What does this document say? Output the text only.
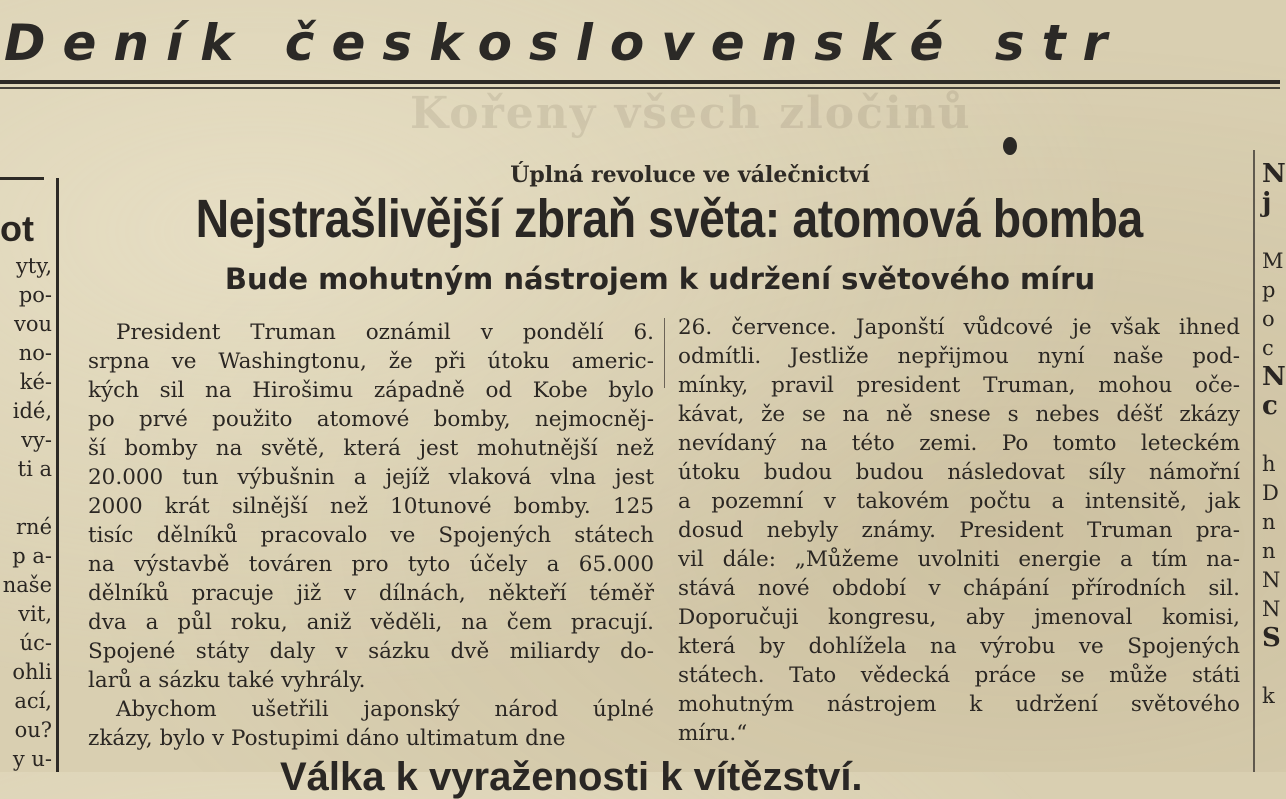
Deník československé str
Kořeny všech zločinů
ot
yty,
po-
vou
no-
ké-
idé,
vy-
ti a
rné
p a-
naše
vit,
úc-
ohli
ací,
ou?
y u-
Úplná revoluce ve válečnictví
Nejstrašlivější zbraň světa: atomová bomba
Bude mohutným nástrojem k udržení světového míru
President Truman oznámil v pondělí 6.
srpna ve Washingtonu, že při útoku americ-
kých sil na Hirošimu západně od Kobe bylo
po prvé použito atomové bomby, nejmocněj-
ší bomby na světě, která jest mohutnější než
20.000 tun výbušnin a jejíž vlaková vlna jest
2000 krát silnější než 10tunové bomby. 125
tisíc dělníků pracovalo ve Spojených státech
na výstavbě továren pro tyto účely a 65.000
dělníků pracuje již v dílnách, někteří téměř
dva a půl roku, aniž věděli, na čem pracují.
Spojené státy daly v sázku dvě miliardy do-
larů a sázku také vyhrály.
Abychom ušetřili japonský národ úplné
zkázy, bylo v Postupimi dáno ultimatum dne
26. července. Japonští vůdcové je však ihned
odmítli. Jestliže nepřijmou nyní naše pod-
mínky, pravil president Truman, mohou oče-
kávat, že se na ně snese s nebes déšť zkázy
nevídaný na této zemi. Po tomto leteckém
útoku budou budou následovat síly námořní
a pozemní v takovém počtu a intensitě, jak
dosud nebyly známy. President Truman pra-
vil dále: „Můžeme uvolniti energie a tím na-
stává nové období v chápání přírodních sil.
Doporučuji kongresu, aby jmenoval komisi,
která by dohlížela na výrobu ve Spojených
státech. Tato vědecká práce se může státi
mohutným nástrojem k udržení světového
míru.“
N
j
M
p
o
c
N
c
h
D
n
n
N
N
S
k
Válka k vyraženosti k vítězství.
